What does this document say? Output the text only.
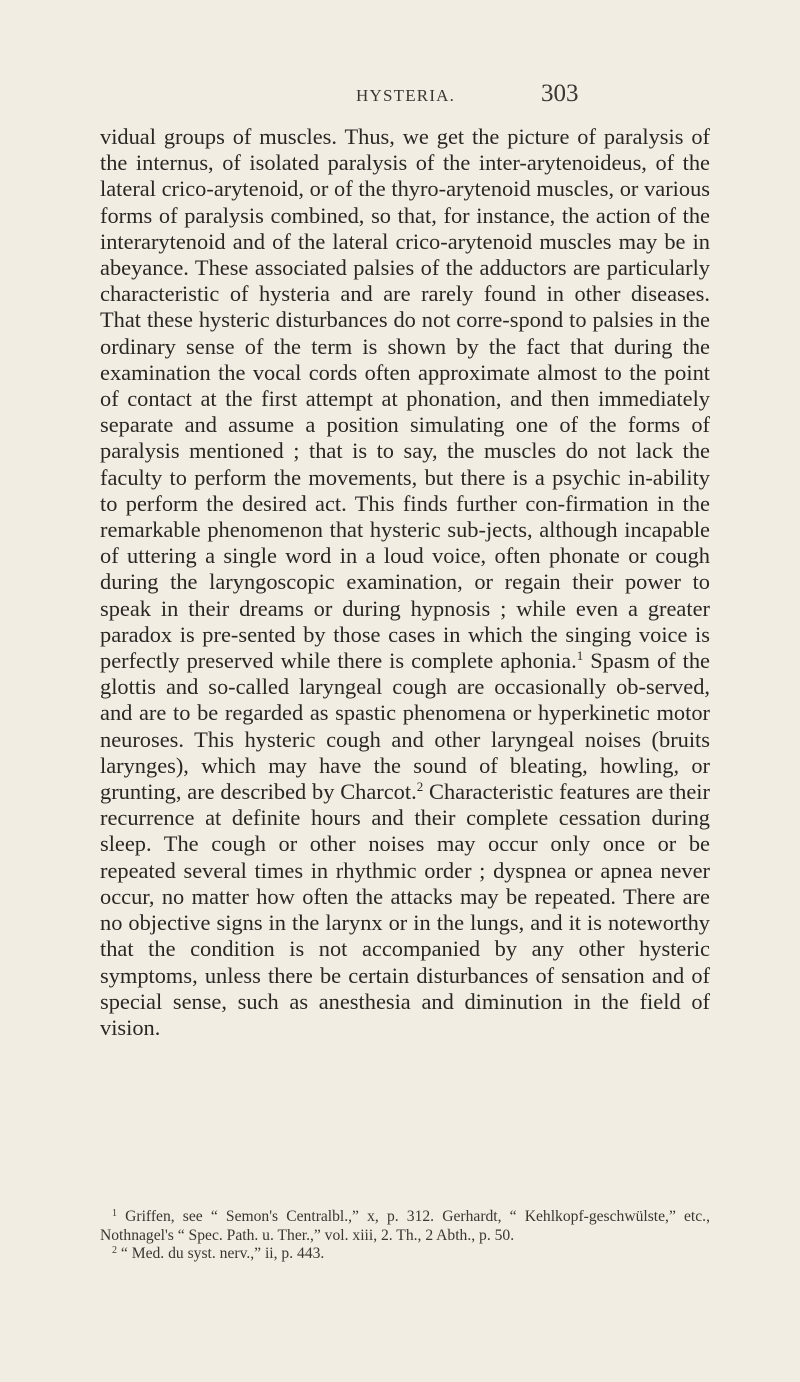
HYSTERIA.	303

vidual groups of muscles. Thus, we get the picture of paralysis of the internus, of isolated paralysis of the inter-arytenoideus, of the lateral crico-arytenoid, or of the thyro-arytenoid muscles, or various forms of paralysis combined, so that, for instance, the action of the interarytenoid and of the lateral crico-arytenoid muscles may be in abeyance. These associated palsies of the adductors are particularly characteristic of hysteria and are rarely found in other diseases. That these hysteric disturbances do not corre-spond to palsies in the ordinary sense of the term is shown by the fact that during the examination the vocal cords often approximate almost to the point of contact at the first attempt at phonation, and then immediately separate and assume a position simulating one of the forms of paralysis mentioned ; that is to say, the muscles do not lack the faculty to perform the movements, but there is a psychic in-ability to perform the desired act. This finds further con-firmation in the remarkable phenomenon that hysteric sub-jects, although incapable of uttering a single word in a loud voice, often phonate or cough during the laryngoscopic examination, or regain their power to speak in their dreams or during hypnosis ; while even a greater paradox is pre-sented by those cases in which the singing voice is perfectly preserved while there is complete aphonia.$^1$ Spasm of the glottis and so-called laryngeal cough are occasionally ob-served, and are to be regarded as spastic phenomena or hyperkinetic motor neuroses. This hysteric cough and other laryngeal noises (bruits larynges), which may have the sound of bleating, howling, or grunting, are described by Charcot.$^2$ Characteristic features are their recurrence at definite hours and their complete cessation during sleep. The cough or other noises may occur only once or be repeated several times in rhythmic order ; dyspnea or apnea never occur, no matter how often the attacks may be repeated. There are no objective signs in the larynx or in the lungs, and it is noteworthy that the condition is not accompanied by any other hysteric symptoms, unless there be certain disturbances of sensation and of special sense, such as anesthesia and diminution in the field of vision.

$^1$ Griffen, see “ Semon's Centralbl.,” x, p. 312. Gerhardt, “ Kehlkopf-geschwülste,” etc., Nothnagel's “ Spec. Path. u. Ther.,” vol. xiii, 2. Th., 2 Abth., p. 50.

$^2$ “ Med. du syst. nerv.,” ii, p. 443.
